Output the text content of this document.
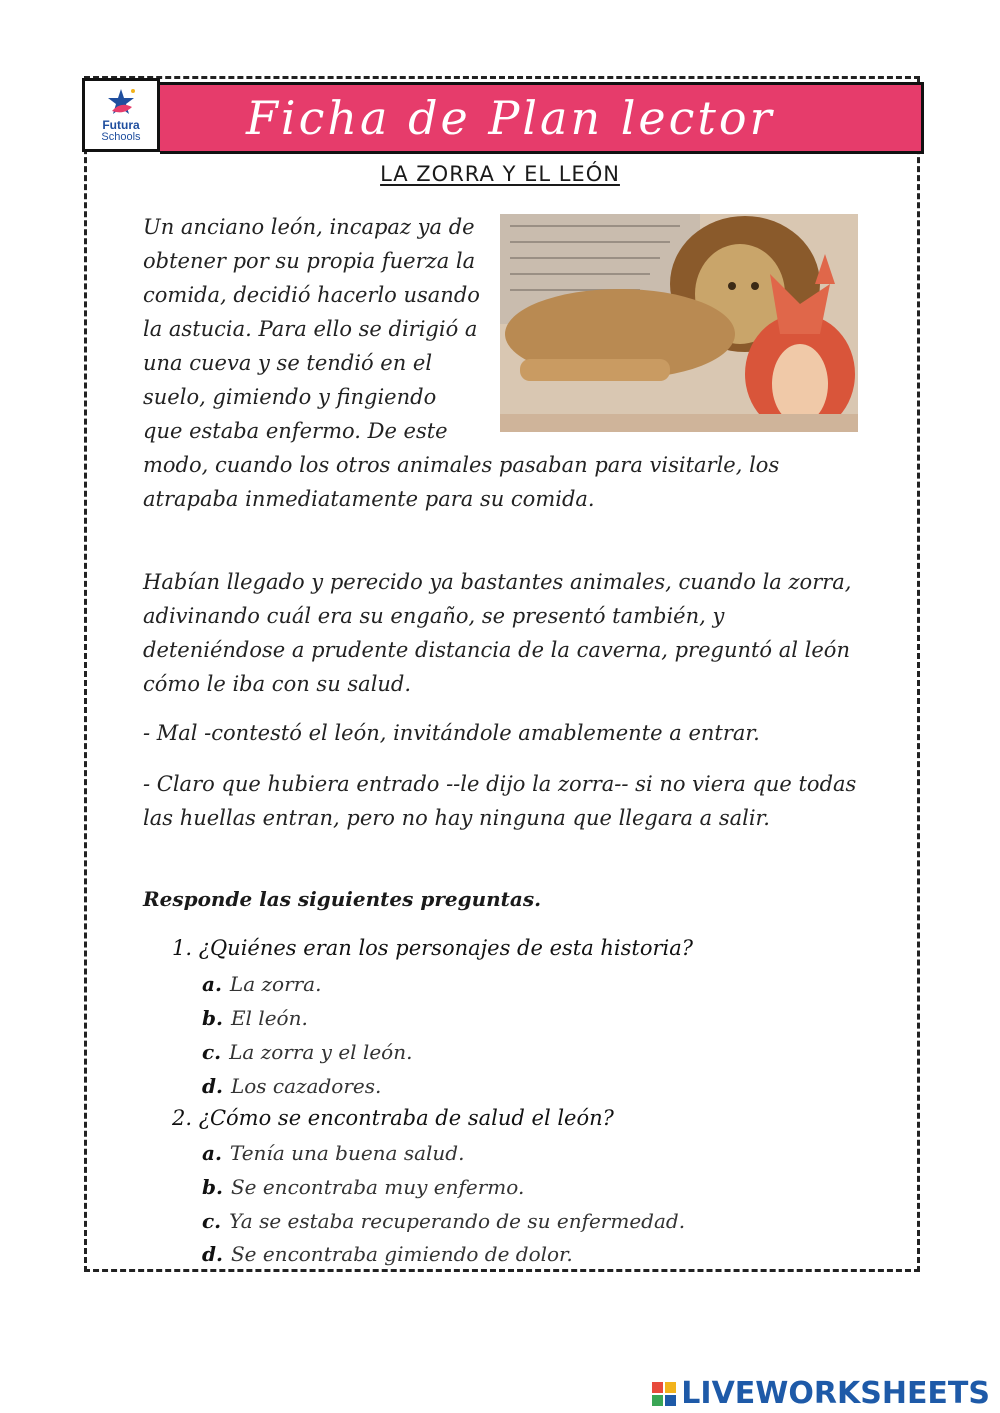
Futura
Schools Ficha de Plan lector
LA ZORRA Y EL LEÓN

Un anciano león, incapaz ya de obtener por su propia fuerza la comida, decidió hacerlo usando la astucia. Para ello se dirigió a una cueva y se tendió en el suelo, gimiendo y fingiendo que estaba enfermo. De este modo, cuando los otros animales pasaban para visitarle, los atrapaba inmediatamente para su comida.

Habían llegado y perecido ya bastantes animales, cuando la zorra, adivinando cuál era su engaño, se presentó también, y deteniéndose a prudente distancia de la caverna, preguntó al león cómo le iba con su salud.

- Mal -contestó el león, invitándole amablemente a entrar.

- Claro que hubiera entrado --le dijo la zorra-- si no viera que todas las huellas entran, pero no hay ninguna que llegara a salir.

Responde las siguientes preguntas.
1. ¿Quiénes eran los personajes de esta historia?
a. La zorra.
b. El león.
c. La zorra y el león.
d. Los cazadores.
2. ¿Cómo se encontraba de salud el león?
a. Tenía una buena salud.
b. Se encontraba muy enfermo.
c. Ya se estaba recuperando de su enfermedad.
d. Se encontraba gimiendo de dolor.
LIVEWORKSHEETS
